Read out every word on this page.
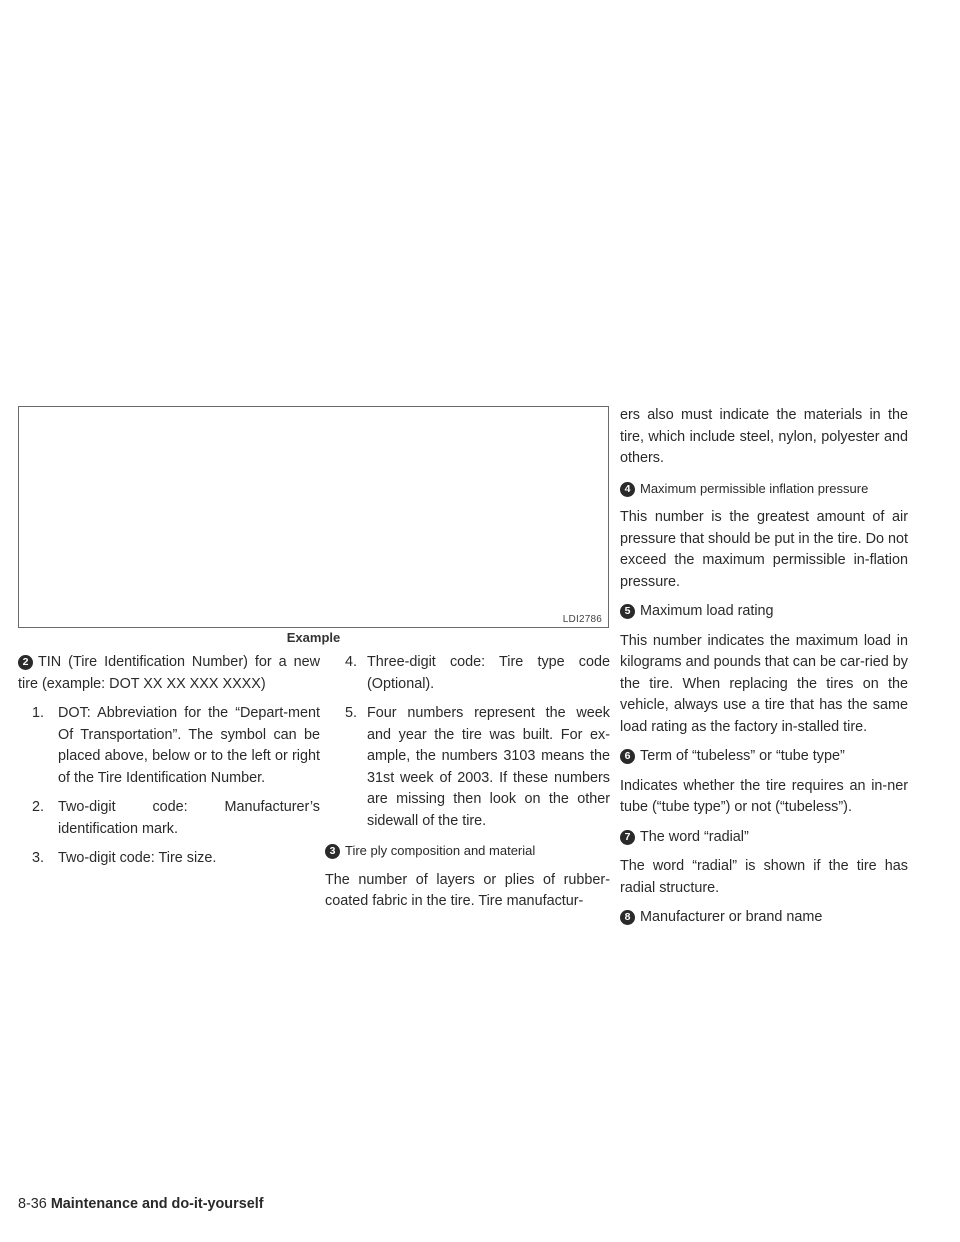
LDI2786
Example

2 TIN (Tire Identification Number) for a new tire (example: DOT XX XX XXX XXXX)

1. DOT: Abbreviation for the “Depart-ment Of Transportation”. The symbol can be placed above, below or to the left or right of the Tire Identification Number.
2. Two-digit code: Manufacturer’s identification mark.
3. Two-digit code: Tire size.
4. Three-digit code: Tire type code (Optional).
5. Four numbers represent the week and year the tire was built. For ex-ample, the numbers 3103 means the 31st week of 2003. If these numbers are missing then look on the other sidewall of the tire.

3 Tire ply composition and material

The number of layers or plies of rubber-coated fabric in the tire. Tire manufactur-

ers also must indicate the materials in the tire, which include steel, nylon, polyester and others.

4 Maximum permissible inflation pressure

This number is the greatest amount of air pressure that should be put in the tire. Do not exceed the maximum permissible in-flation pressure.

5 Maximum load rating

This number indicates the maximum load in kilograms and pounds that can be car-ried by the tire. When replacing the tires on the vehicle, always use a tire that has the same load rating as the factory in-stalled tire.

6 Term of “tubeless” or “tube type”

Indicates whether the tire requires an in-ner tube (“tube type”) or not (“tubeless”).

7 The word “radial”

The word “radial” is shown if the tire has radial structure.

8 Manufacturer or brand name

8-36 Maintenance and do-it-yourself
